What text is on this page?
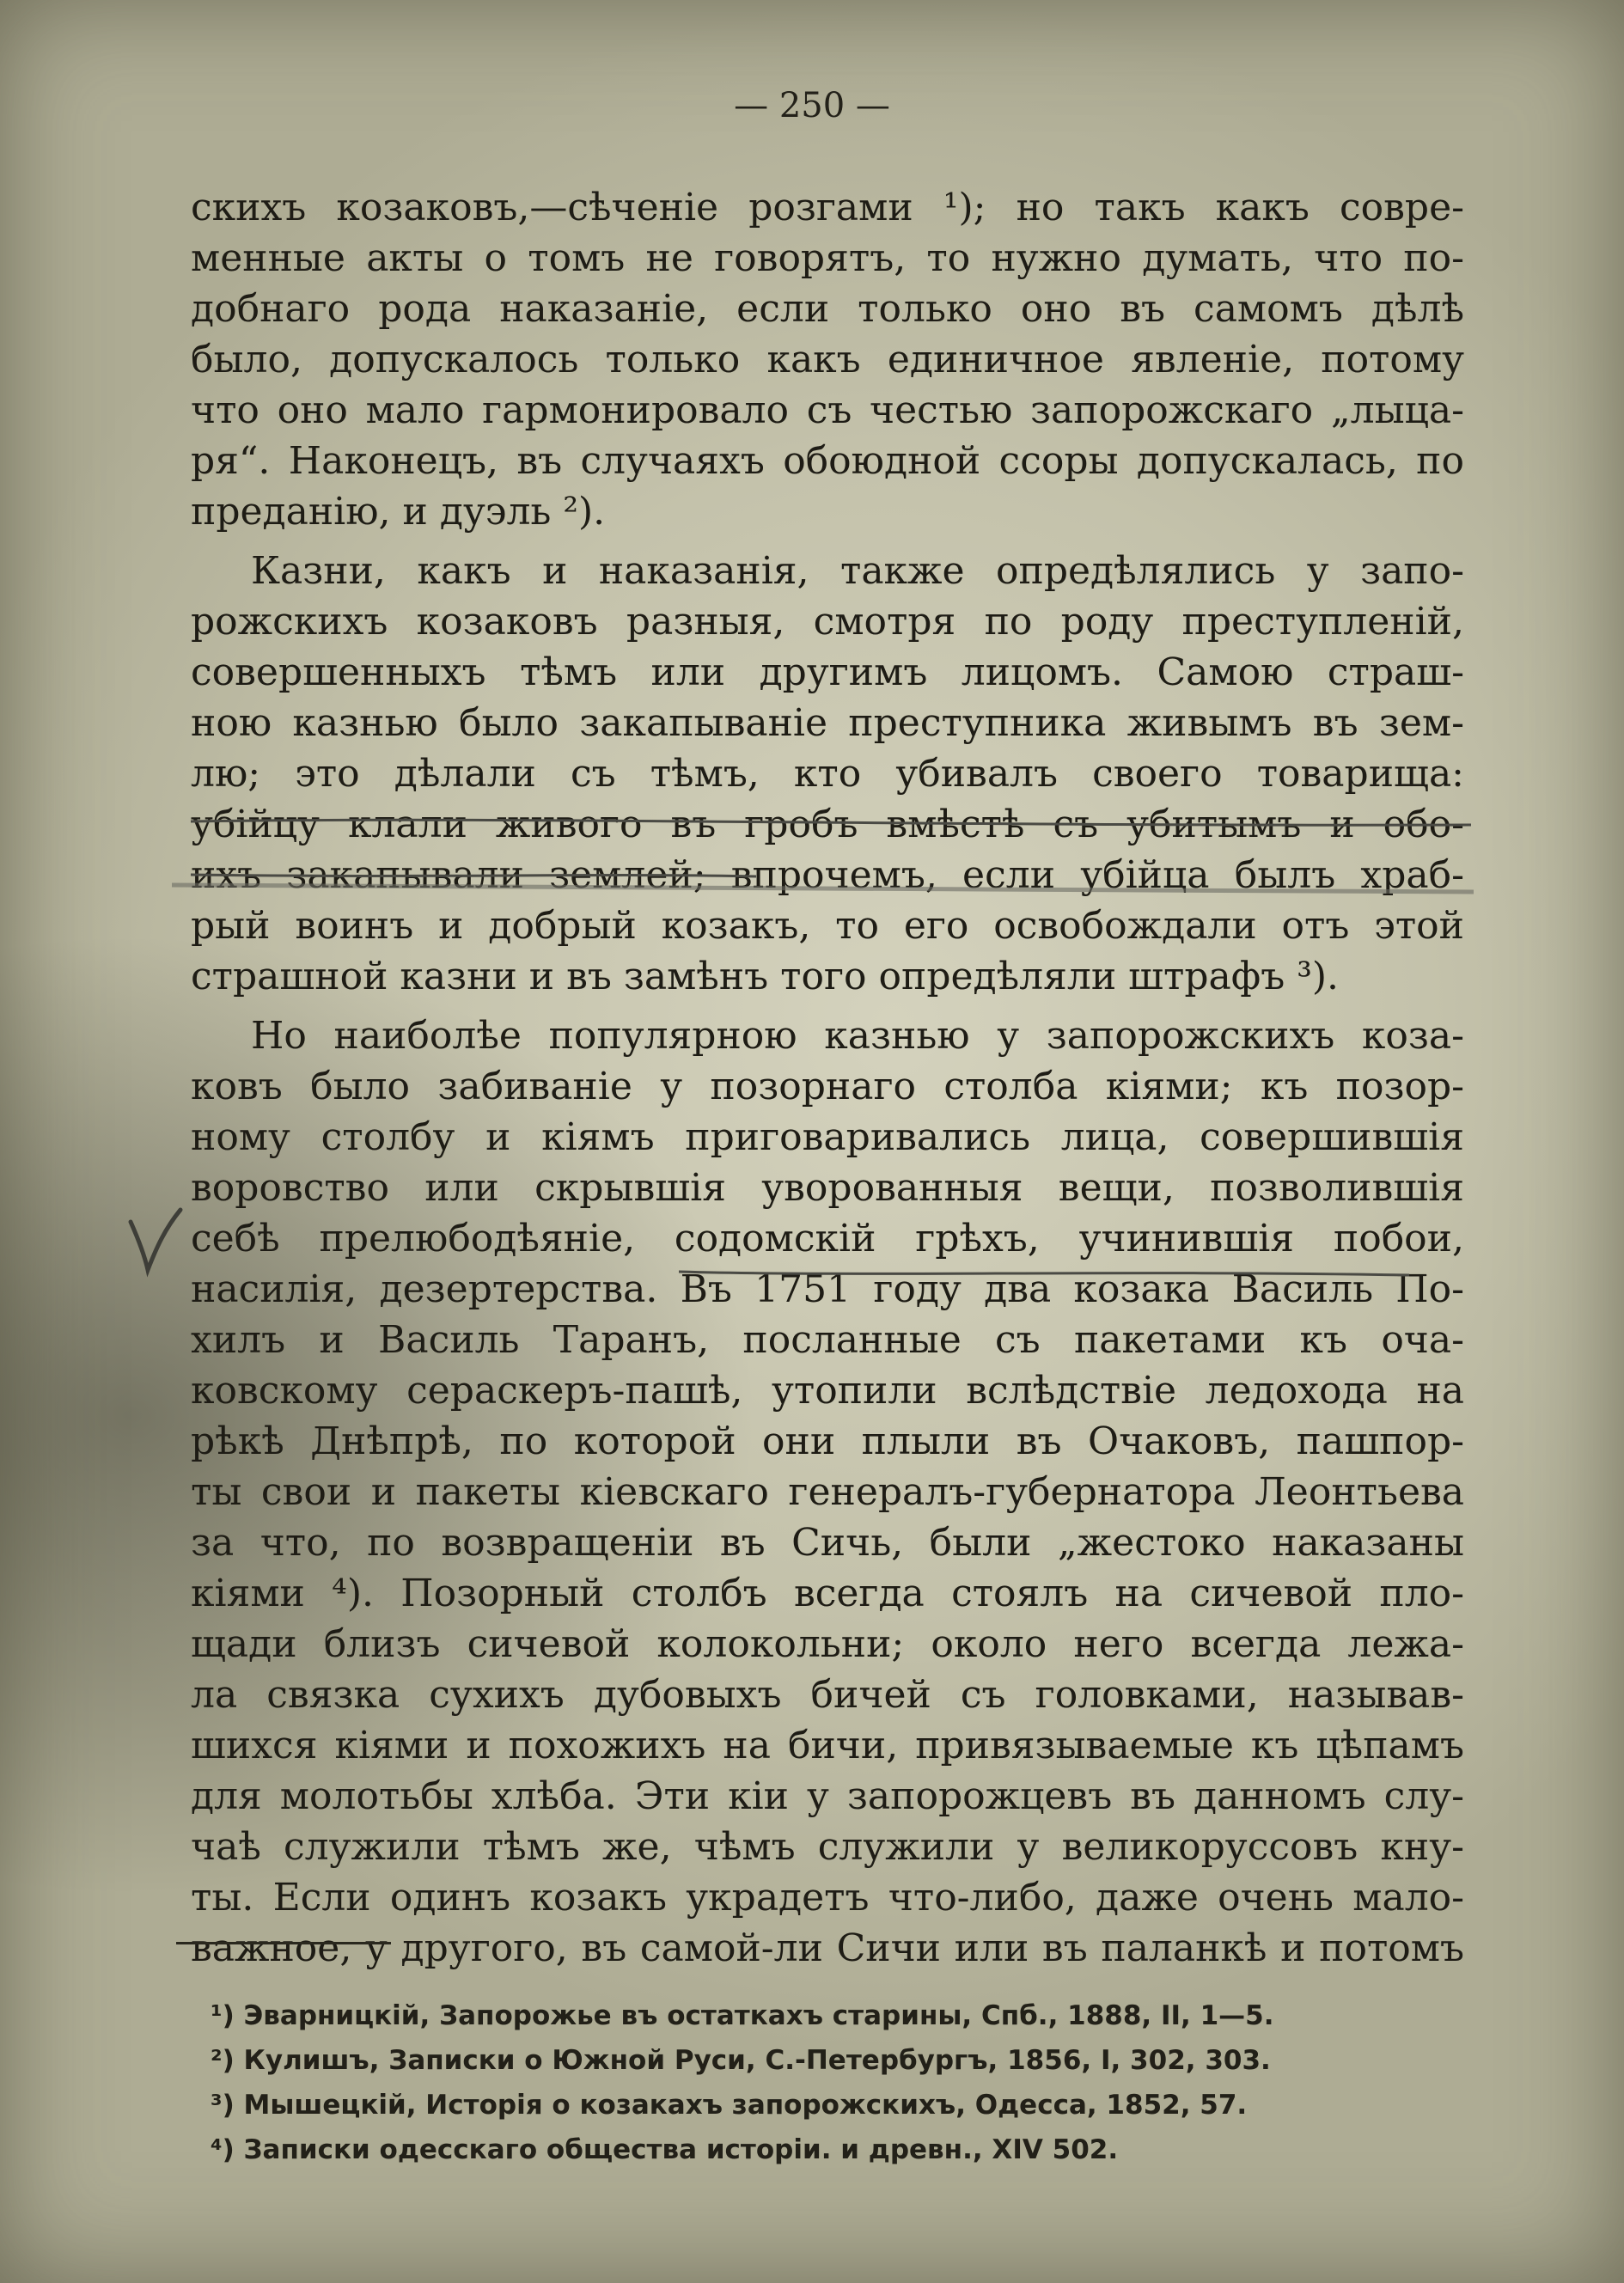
— 250 —
скихъ козаковъ,—сѣченіе розгами ¹); но такъ какъ совре-
менные акты о томъ не говорятъ, то нужно думать, что по-
добнаго рода наказаніе, если только оно въ самомъ дѣлѣ
было, допускалось только какъ единичное явленіе, потому
что оно мало гармонировало съ честью запорожскаго „лыца-
ря“. Наконецъ, въ случаяхъ обоюдной ссоры допускалась, по
преданію, и дуэль ²).
Казни, какъ и наказанія, также опредѣлялись у запо-
рожскихъ козаковъ разныя, смотря по роду преступленій,
совершенныхъ тѣмъ или другимъ лицомъ. Самою страш-
ною казнью было закапываніе преступника живымъ въ зем-
лю; это дѣлали съ тѣмъ, кто убивалъ своего товарища:
убійцу клали живого въ гробъ вмѣстѣ съ убитымъ и обо-
ихъ закапывали землей; впрочемъ, если убійца былъ храб-
рый воинъ и добрый козакъ, то его освобождали отъ этой
страшной казни и въ замѣнъ того опредѣляли штрафъ ³).
Но наиболѣе популярною казнью у запорожскихъ коза-
ковъ было забиваніе у позорнаго столба кіями; къ позор-
ному столбу и кіямъ приговаривались лица, совершившія
воровство или скрывшія уворованныя вещи, позволившія
себѣ прелюбодѣяніе, содомскій грѣхъ, учинившія побои,
насилія, дезертерства. Въ 1751 году два козака Василь По-
хилъ и Василь Таранъ, посланные съ пакетами къ оча-
ковскому сераскеръ-пашѣ, утопили вслѣдствіе ледохода на
рѣкѣ Днѣпрѣ, по которой они плыли въ Очаковъ, пашпор-
ты свои и пакеты кіевскаго генералъ-губернатора Леонтьева
за что, по возвращеніи въ Сичь, были „жестоко наказаны
кіями ⁴). Позорный столбъ всегда стоялъ на сичевой пло-
щади близъ сичевой колокольни; около него всегда лежа-
ла связка сухихъ дубовыхъ бичей съ головками, называв-
шихся кіями и похожихъ на бичи, привязываемые къ цѣпамъ
для молотьбы хлѣба. Эти кіи у запорожцевъ въ данномъ слу-
чаѣ служили тѣмъ же, чѣмъ служили у великоруссовъ кну-
ты. Если одинъ козакъ украдетъ что-либо, даже очень мало-
важное, у другого, въ самой-ли Сичи или въ паланкѣ и потомъ
¹) Эварницкій, Запорожье въ остаткахъ старины, Спб., 1888, II, 1—5.
²) Кулишъ, Записки о Южной Руси, С.-Петербургъ, 1856, I, 302, 303.
³) Мышецкій, Исторія о козакахъ запорожскихъ, Одесса, 1852, 57.
⁴) Записки одесскаго общества исторіи. и древн., XIV 502.
